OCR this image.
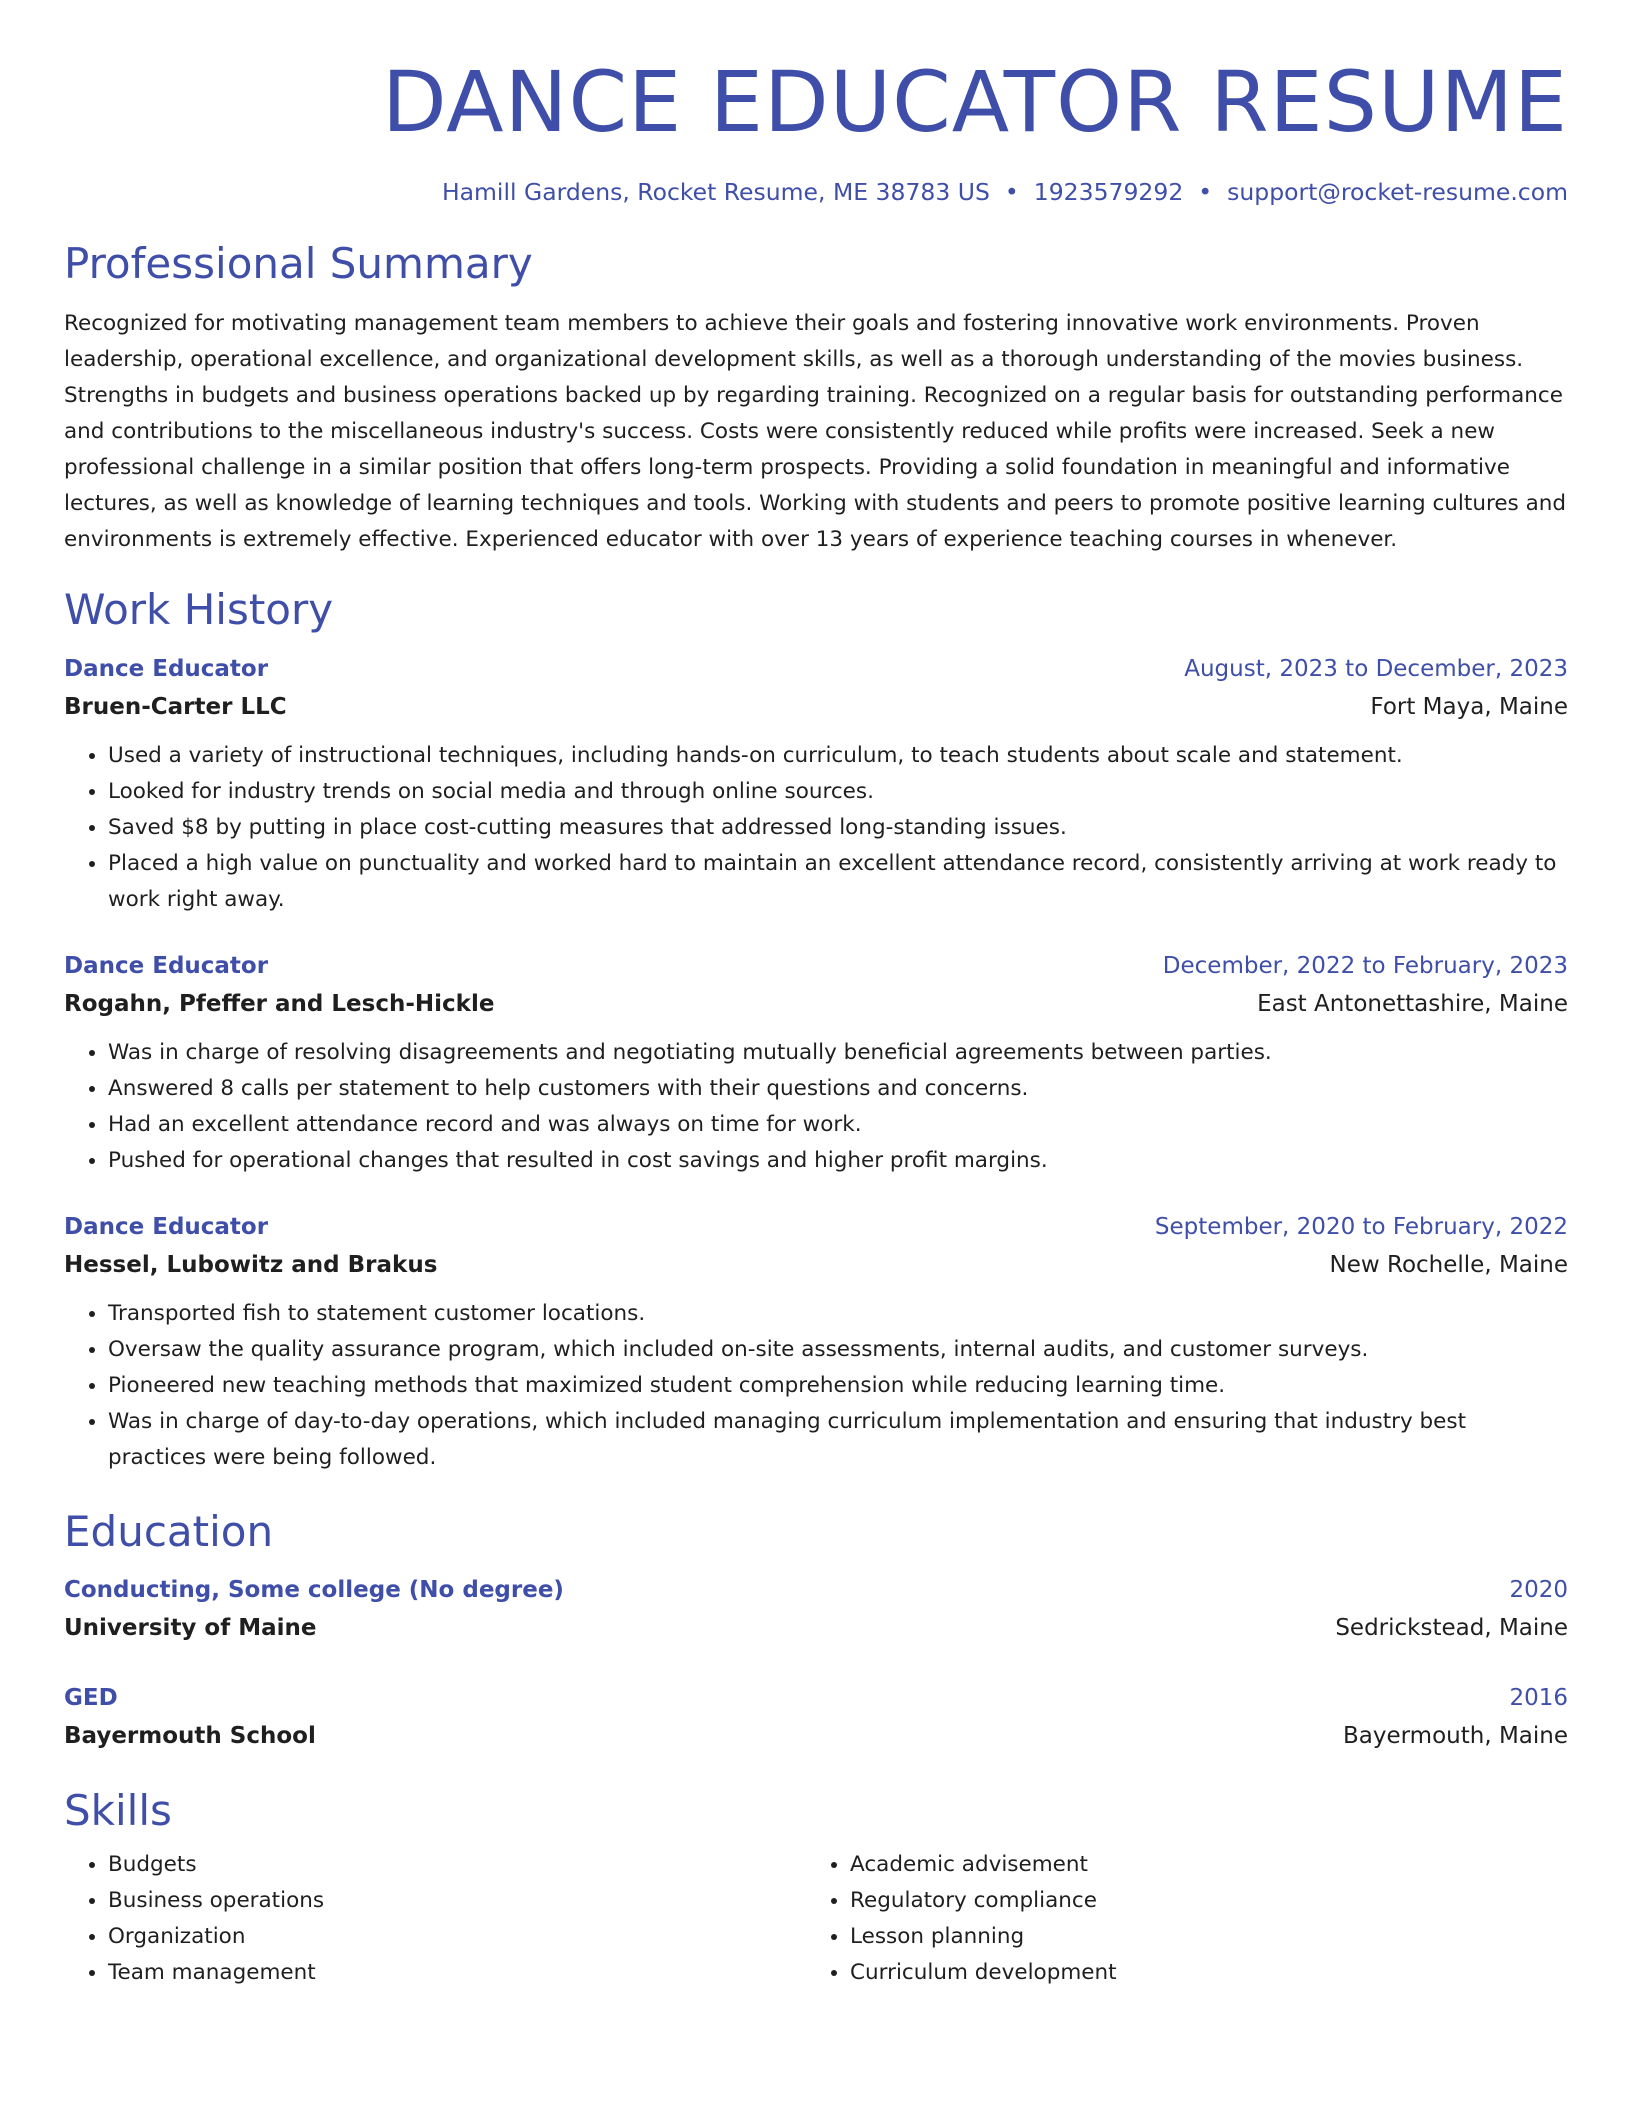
DANCE EDUCATOR RESUME
Hamill Gardens, Rocket Resume, ME 38783 US • 1923579292 • support@rocket-resume.com
Professional Summary
Recognized for motivating management team members to achieve their goals and fostering innovative work environments. Proven leadership, operational excellence, and organizational development skills, as well as a thorough understanding of the movies business. Strengths in budgets and business operations backed up by regarding training. Recognized on a regular basis for outstanding performance and contributions to the miscellaneous industry's success. Costs were consistently reduced while profits were increased. Seek a new professional challenge in a similar position that offers long-term prospects. Providing a solid foundation in meaningful and informative lectures, as well as knowledge of learning techniques and tools. Working with students and peers to promote positive learning cultures and environments is extremely effective. Experienced educator with over 13 years of experience teaching courses in whenever.
Work History
Dance Educator	August, 2023 to December, 2023
Bruen-Carter LLC	Fort Maya, Maine
• Used a variety of instructional techniques, including hands-on curriculum, to teach students about scale and statement.
• Looked for industry trends on social media and through online sources.
• Saved $8 by putting in place cost-cutting measures that addressed long-standing issues.
• Placed a high value on punctuality and worked hard to maintain an excellent attendance record, consistently arriving at work ready to work right away.
Dance Educator	December, 2022 to February, 2023
Rogahn, Pfeffer and Lesch-Hickle	East Antonettashire, Maine
• Was in charge of resolving disagreements and negotiating mutually beneficial agreements between parties.
• Answered 8 calls per statement to help customers with their questions and concerns.
• Had an excellent attendance record and was always on time for work.
• Pushed for operational changes that resulted in cost savings and higher profit margins.
Dance Educator	September, 2020 to February, 2022
Hessel, Lubowitz and Brakus	New Rochelle, Maine
• Transported fish to statement customer locations.
• Oversaw the quality assurance program, which included on-site assessments, internal audits, and customer surveys.
• Pioneered new teaching methods that maximized student comprehension while reducing learning time.
• Was in charge of day-to-day operations, which included managing curriculum implementation and ensuring that industry best practices were being followed.
Education
Conducting, Some college (No degree)	2020
University of Maine	Sedrickstead, Maine
GED	2016
Bayermouth School	Bayermouth, Maine
Skills
• Budgets
• Business operations
• Organization
• Team management
• Academic advisement
• Regulatory compliance
• Lesson planning
• Curriculum development
